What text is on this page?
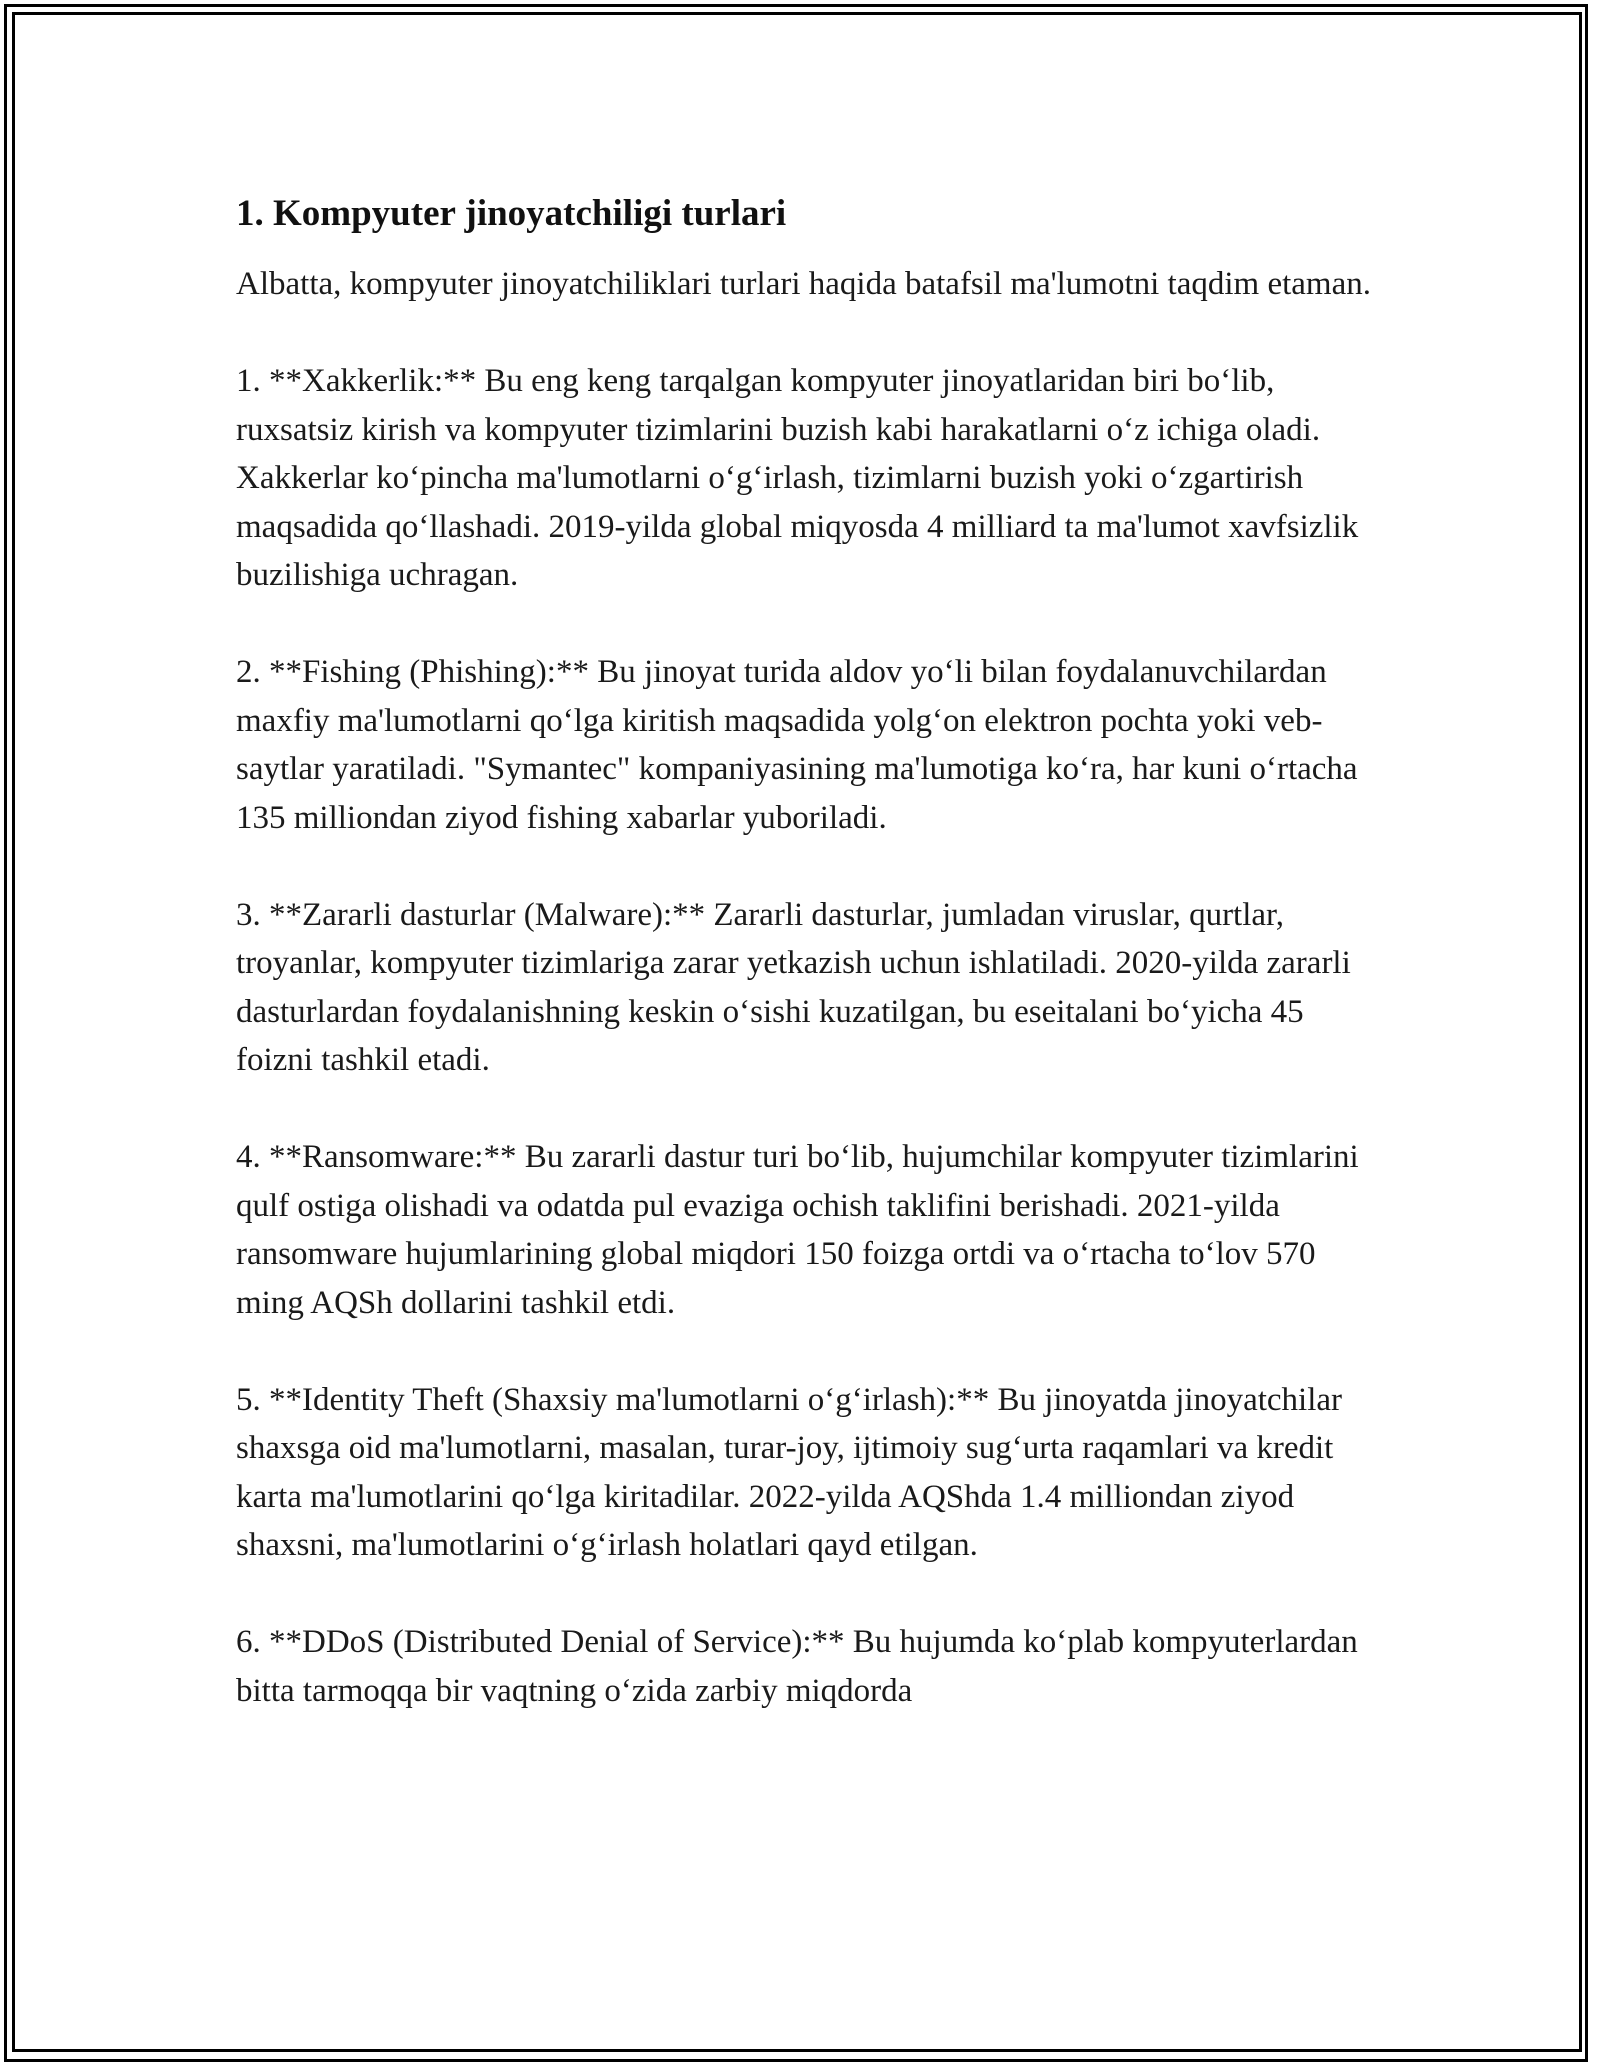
1. Kompyuter jinoyatchiligi turlari

Albatta, kompyuter jinoyatchiliklari turlari haqida batafsil ma'lumotni taqdim etaman.

1. **Xakkerlik:** Bu eng keng tarqalgan kompyuter jinoyatlaridan biri bo‘lib, ruxsatsiz kirish va kompyuter tizimlarini buzish kabi harakatlarni o‘z ichiga oladi. Xakkerlar ko‘pincha ma'lumotlarni o‘g‘irlash, tizimlarni buzish yoki o‘zgartirish maqsadida qo‘llashadi. 2019-yilda global miqyosda 4 milliard ta ma'lumot xavfsizlik buzilishiga uchragan.

2. **Fishing (Phishing):** Bu jinoyat turida aldov yo‘li bilan foydalanuvchilardan maxfiy ma'lumotlarni qo‘lga kiritish maqsadida yolg‘on elektron pochta yoki veb-saytlar yaratiladi. "Symantec" kompaniyasining ma'lumotiga ko‘ra, har kuni o‘rtacha 135 milliondan ziyod fishing xabarlar yuboriladi.

3. **Zararli dasturlar (Malware):** Zararli dasturlar, jumladan viruslar, qurtlar, troyanlar, kompyuter tizimlariga zarar yetkazish uchun ishlatiladi. 2020-yilda zararli dasturlardan foydalanishning keskin o‘sishi kuzatilgan, bu eseitalani bo‘yicha 45 foizni tashkil etadi.

4. **Ransomware:** Bu zararli dastur turi bo‘lib, hujumchilar kompyuter tizimlarini qulf ostiga olishadi va odatda pul evaziga ochish taklifini berishadi. 2021-yilda ransomware hujumlarining global miqdori 150 foizga ortdi va o‘rtacha to‘lov 570 ming AQSh dollarini tashkil etdi.

5. **Identity Theft (Shaxsiy ma'lumotlarni o‘g‘irlash):** Bu jinoyatda jinoyatchilar shaxsga oid ma'lumotlarni, masalan, turar-joy, ijtimoiy sug‘urta raqamlari va kredit karta ma'lumotlarini qo‘lga kiritadilar. 2022-yilda AQShda 1.4 milliondan ziyod shaxsni, ma'lumotlarini o‘g‘irlash holatlari qayd etilgan.

6. **DDoS (Distributed Denial of Service):** Bu hujumda ko‘plab kompyuterlardan bitta tarmoqqa bir vaqtning o‘zida zarbiy miqdorda
